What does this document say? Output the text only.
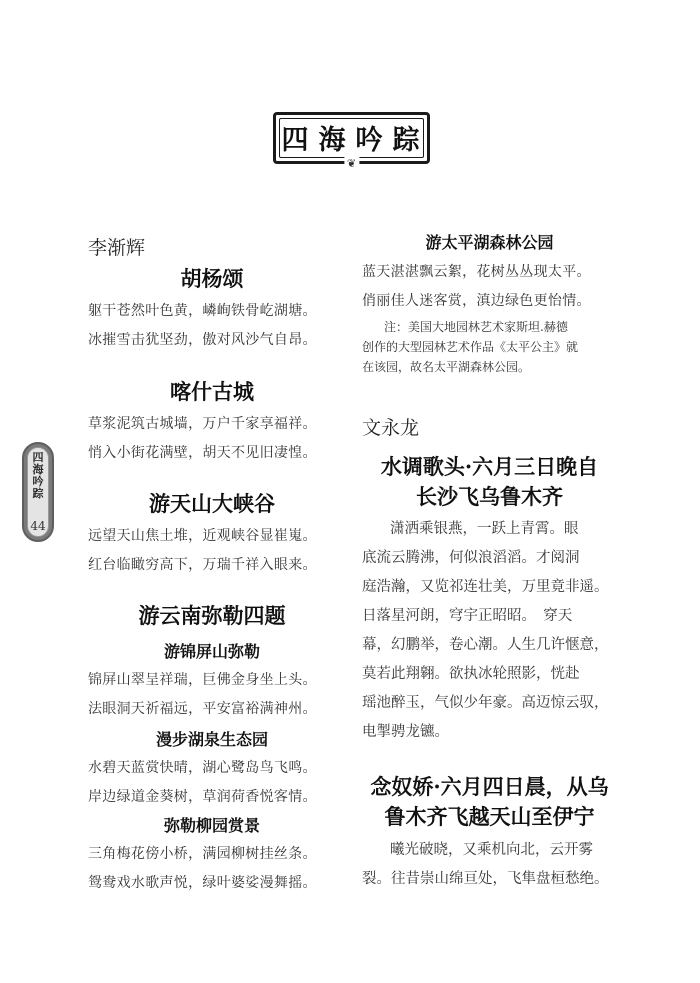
四海吟踪
❦
四
海
吟
踪
44
李渐辉
胡杨颂
躯干苍然叶色黄，嶙峋铁骨屹湖塘。
冰摧雪击犹坚劲，傲对风沙气自昂。
喀什古城
草浆泥筑古城墙，万户千家享福祥。
悄入小街花满壁，胡天不见旧凄惶。
游天山大峡谷
远望天山焦土堆，近观峡谷显崔嵬。
红台临瞰穷高下，万瑞千祥入眼来。
游云南弥勒四题
游锦屏山弥勒
锦屏山翠呈祥瑞，巨佛金身坐上头。
法眼洞天祈福远，平安富裕满神州。
漫步湖泉生态园
水碧天蓝赏快晴，湖心鹭岛鸟飞鸣。
岸边绿道金葵树，草润荷香悦客情。
弥勒柳园赏景
三角梅花傍小桥，满园柳树挂丝条。
鸳鸯戏水歌声悦，绿叶婆娑漫舞摇。
游太平湖森林公园
蓝天湛湛飘云絮，花树丛丛现太平。
俏丽佳人迷客赏，滇边绿色更怡情。
注：美国大地园林艺术家斯坦.赫德
创作的大型园林艺术作品《太平公主》就
在该园，故名太平湖森林公园。
文永龙
水调歌头·六月三日晚自
长沙飞乌鲁木齐
潇洒乘银燕，一跃上青霄。眼
底流云腾沸，何似浪滔滔。才阅洞
庭浩瀚，又览祁连壮美，万里竟非遥。
日落星河朗，穹宇正昭昭。　穿天
幕，幻鹏举，卷心潮。人生几许惬意，
莫若此翔翱。欲执冰轮照影，恍赴
瑶池醉玉，气似少年豪。高迈惊云驭，
电掣骋龙镳。
念奴娇·六月四日晨，从乌
鲁木齐飞越天山至伊宁
曦光破晓，又乘机向北，云开雾
裂。往昔崇山绵亘处，飞隼盘桓愁绝。
